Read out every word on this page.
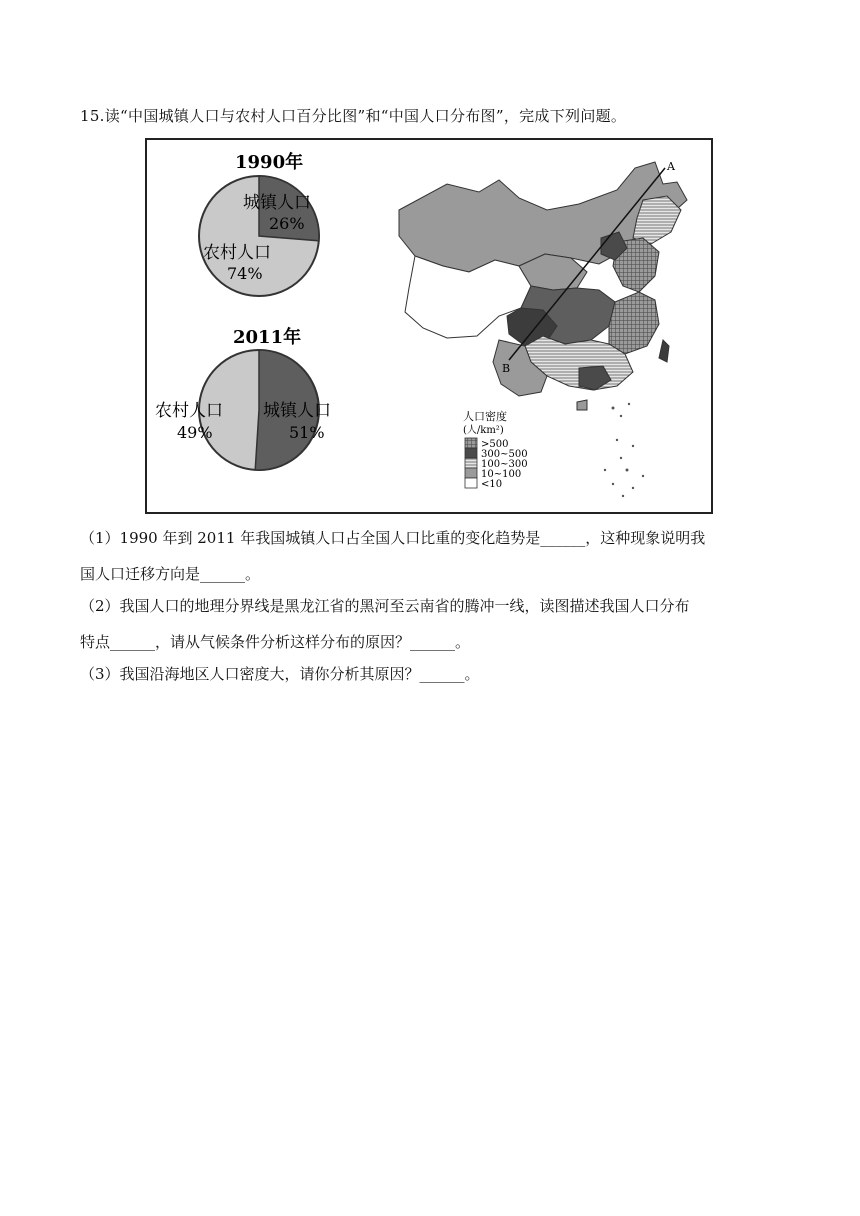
15.读“中国城镇人口与农村人口百分比图”和“中国人口分布图”，完成下列问题。
1990年
城镇人口
26%
农村人口
74%
2011年
城镇人口
51%
农村人口
49%
A
B
人口密度
(人/km²)
>500
300~500
100~300
10~100
<10
（1）1990 年到 2011 年我国城镇人口占全国人口比重的变化趋势是______，这种现象说明我
国人口迁移方向是______。
（2）我国人口的地理分界线是黑龙江省的黑河至云南省的腾冲一线，读图描述我国人口分布
特点______，请从气候条件分析这样分布的原因？______。
（3）我国沿海地区人口密度大，请你分析其原因？______。
